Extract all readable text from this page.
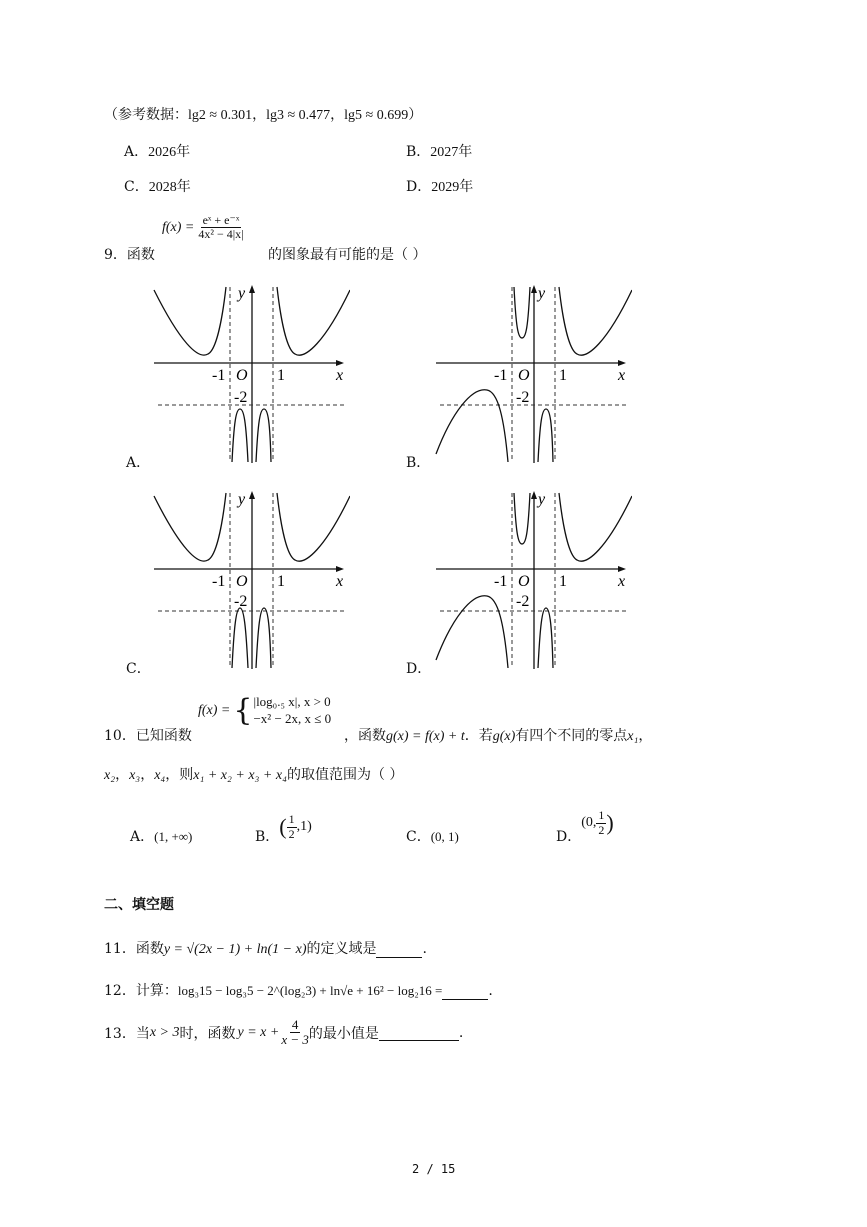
（参考数据：lg2 ≈ 0.301，lg3 ≈ 0.477，lg5 ≈ 0.699）
A．2026年	B．2027年
C．2028年	D．2029年
9．函数
$f(x) = \frac{\text{eˣ + e⁻ˣ}}{\text{4x² − 4|x|}}$
的图象最有可能的是（ ）
y
x
O
-1	1
-2
A．
y
x
O
-1	1
-2
B．
y
x
O
-1	1
-2
C．
y
x
O
-1	1
-2
D．
10．已知函数
f(x) = { |log₀.₅ x|, x > 0
−x² − 2x, x ≤ 0
，函数g(x) = f(x) + t．若g(x)有四个不同的零点x₁，
x₂，x₃，x₄，则x₁ + x₂ + x₃ + x₄的取值范围为（ ）
A．(1, +∞)	B． ( $\frac{1}{2} ,1$)
C．(0, 1)	D．
(0, $\frac{1}{2}$ )
二、填空题
11．函数y = √(2x − 1) + ln(1 − x)的定义域是	.
12．计算：log₃15 − log₃5 − 2^(log₂3) + ln√e + 16² − log₂16 =	.
13．当 x > 3 时，函数 $y = x + \frac{4}{x - 3}$ 的最小值是
	.
2 / 15
